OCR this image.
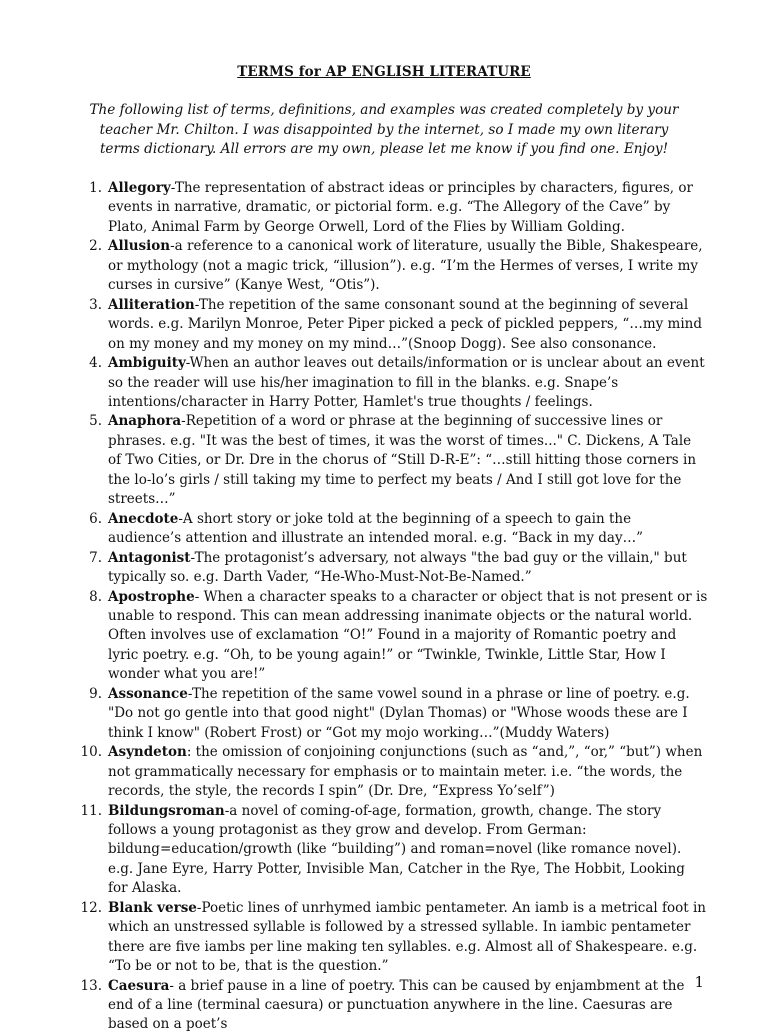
TERMS for AP ENGLISH LITERATURE
The following list of terms, definitions, and examples was created completely by your teacher Mr. Chilton. I was disappointed by the internet, so I made my own literary terms dictionary. All errors are my own, please let me know if you find one. Enjoy!
1. Allegory-The representation of abstract ideas or principles by characters, figures, or events in narrative, dramatic, or pictorial form. e.g. “The Allegory of the Cave” by Plato, Animal Farm by George Orwell, Lord of the Flies by William Golding.
2. Allusion-a reference to a canonical work of literature, usually the Bible, Shakespeare, or mythology (not a magic trick, “illusion”). e.g. “I’m the Hermes of verses, I write my curses in cursive” (Kanye West, “Otis”).
3. Alliteration-The repetition of the same consonant sound at the beginning of several words. e.g. Marilyn Monroe, Peter Piper picked a peck of pickled peppers, “…my mind on my money and my money on my mind…”(Snoop Dogg). See also consonance.
4. Ambiguity-When an author leaves out details/information or is unclear about an event so the reader will use his/her imagination to fill in the blanks. e.g. Snape’s intentions/character in Harry Potter, Hamlet's true thoughts / feelings.
5. Anaphora-Repetition of a word or phrase at the beginning of successive lines or phrases. e.g. "It was the best of times, it was the worst of times..." C. Dickens, A Tale of Two Cities, or Dr. Dre in the chorus of “Still D-R-E”: “…still hitting those corners in the lo-lo’s girls / still taking my time to perfect my beats / And I still got love for the streets…”
6. Anecdote-A short story or joke told at the beginning of a speech to gain the audience’s attention and illustrate an intended moral. e.g. “Back in my day…”
7. Antagonist-The protagonist’s adversary, not always "the bad guy or the villain," but typically so. e.g. Darth Vader, “He-Who-Must-Not-Be-Named.”
8. Apostrophe- When a character speaks to a character or object that is not present or is unable to respond. This can mean addressing inanimate objects or the natural world. Often involves use of exclamation “O!” Found in a majority of Romantic poetry and lyric poetry. e.g. “Oh, to be young again!” or “Twinkle, Twinkle, Little Star, How I wonder what you are!”
9. Assonance-The repetition of the same vowel sound in a phrase or line of poetry. e.g. "Do not go gentle into that good night" (Dylan Thomas) or "Whose woods these are I think I know" (Robert Frost) or “Got my mojo working…”(Muddy Waters)
10. Asyndeton: the omission of conjoining conjunctions (such as “and,”, “or,” “but”) when not grammatically necessary for emphasis or to maintain meter. i.e. “the words, the records, the style, the records I spin” (Dr. Dre, “Express Yo’self”)
11. Bildungsroman-a novel of coming-of-age, formation, growth, change. The story follows a young protagonist as they grow and develop. From German: bildung=education/growth (like “building”) and roman=novel (like romance novel). e.g. Jane Eyre, Harry Potter, Invisible Man, Catcher in the Rye, The Hobbit, Looking for Alaska.
12. Blank verse-Poetic lines of unrhymed iambic pentameter. An iamb is a metrical foot in which an unstressed syllable is followed by a stressed syllable. In iambic pentameter there are five iambs per line making ten syllables. e.g. Almost all of Shakespeare. e.g. “To be or not to be, that is the question.”
13. Caesura- a brief pause in a line of poetry. This can be caused by enjambment at the end of a line (terminal caesura) or punctuation anywhere in the line. Caesuras are based on a poet’s
1
